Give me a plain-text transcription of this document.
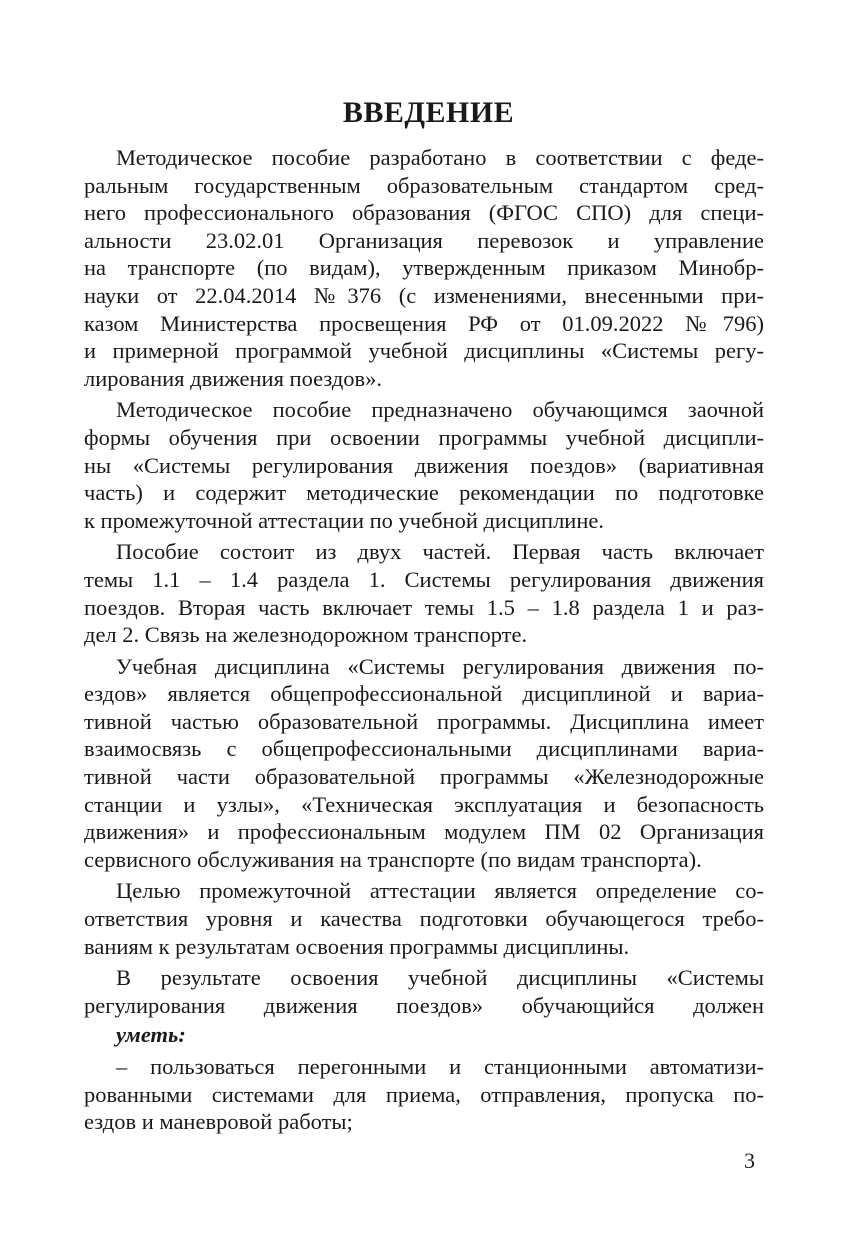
ВВЕДЕНИЕ
Методическое пособие разработано в соответствии с феде-
ральным государственным образовательным стандартом сред-
него профессионального образования (ФГОС СПО) для специ-
альности 23.02.01 Организация перевозок и управление
на транспорте (по видам), утвержденным приказом Минобр-
науки от 22.04.2014 №376 (с изменениями, внесенными при-
казом Министерства просвещения РФ от 01.09.2022 №796)
и примерной программой учебной дисциплины «Системы регу-
лирования движения поездов».
Методическое пособие предназначено обучающимся заочной
формы обучения при освоении программы учебной дисципли-
ны «Системы регулирования движения поездов» (вариативная
часть) и содержит методические рекомендации по подготовке
к промежуточной аттестации по учебной дисциплине.
Пособие состоит из двух частей. Первая часть включает
темы 1.1 – 1.4 раздела 1. Системы регулирования движения
поездов. Вторая часть включает темы 1.5 – 1.8 раздела 1 и раз-
дел 2. Связь на железнодорожном транспорте.
Учебная дисциплина «Системы регулирования движения по-
ездов» является общепрофессиональной дисциплиной и вариа-
тивной частью образовательной программы. Дисциплина имеет
взаимосвязь с общепрофессиональными дисциплинами вариа-
тивной части образовательной программы «Железнодорожные
станции и узлы», «Техническая эксплуатация и безопасность
движения» и профессиональным модулем ПМ 02 Организация
сервисного обслуживания на транспорте (по видам транспорта).
Целью промежуточной аттестации является определение со-
ответствия уровня и качества подготовки обучающегося требо-
ваниям к результатам освоения программы дисциплины.
В результате освоения учебной дисциплины «Системы
регулирования движения поездов» обучающийся должен
уметь:
– пользоваться перегонными и станционными автоматизи-
рованными системами для приема, отправления, пропуска по-
ездов и маневровой работы;
3
